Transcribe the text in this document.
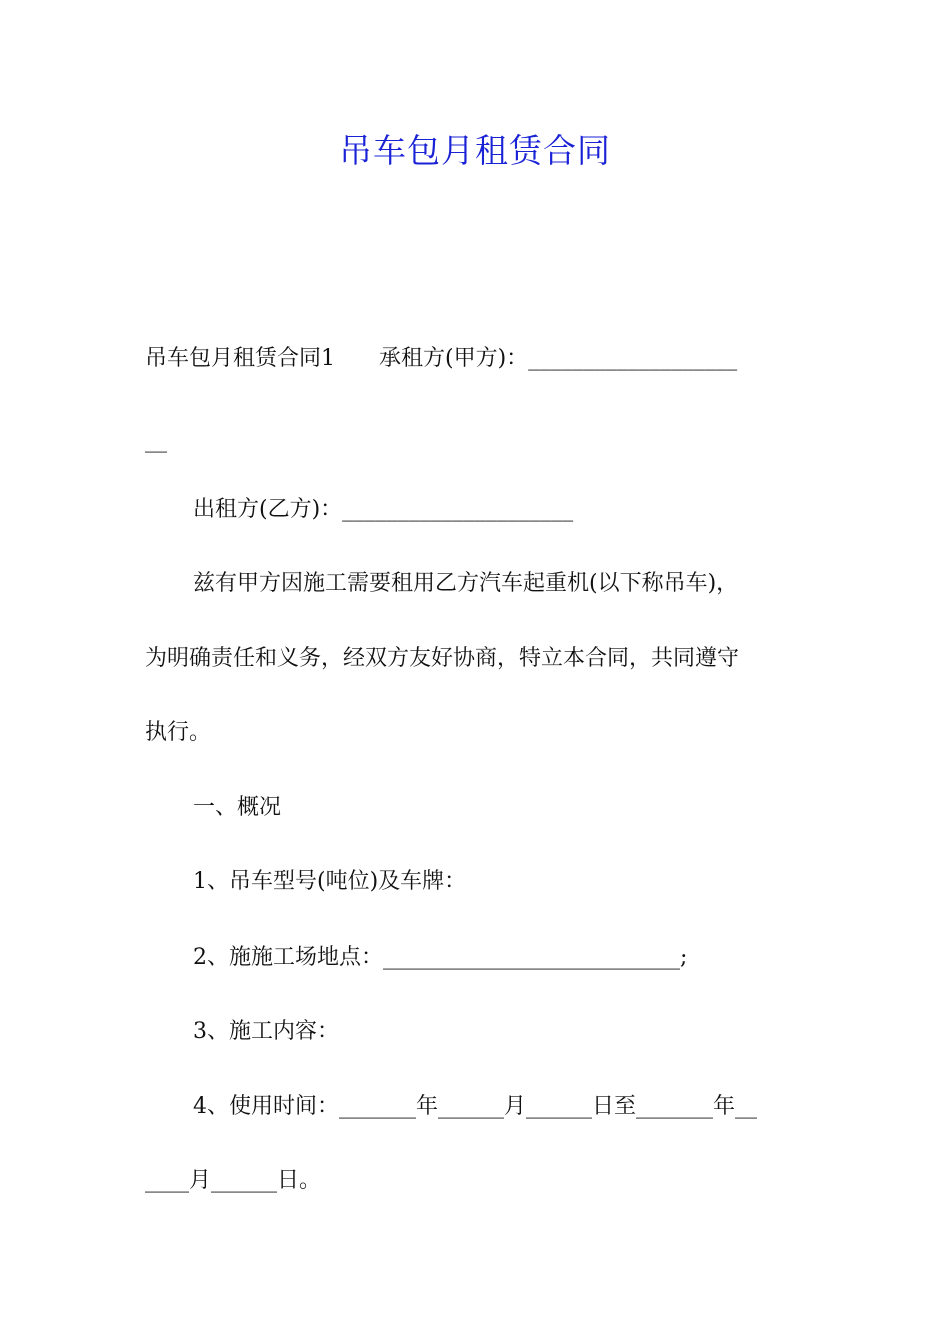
吊车包月租赁合同

吊车包月租赁合同1　　承租方(甲方)：___________________

__

出租方(乙方)：_____________________

兹有甲方因施工需要租用乙方汽车起重机(以下称吊车)，

为明确责任和义务，经双方友好协商，特立本合同，共同遵守

执行。

一、概况

1、吊车型号(吨位)及车牌：

2、施施工场地点：___________________________;

3、施工内容：

4、使用时间：_______年______月______日至_______年__

____月______日。
